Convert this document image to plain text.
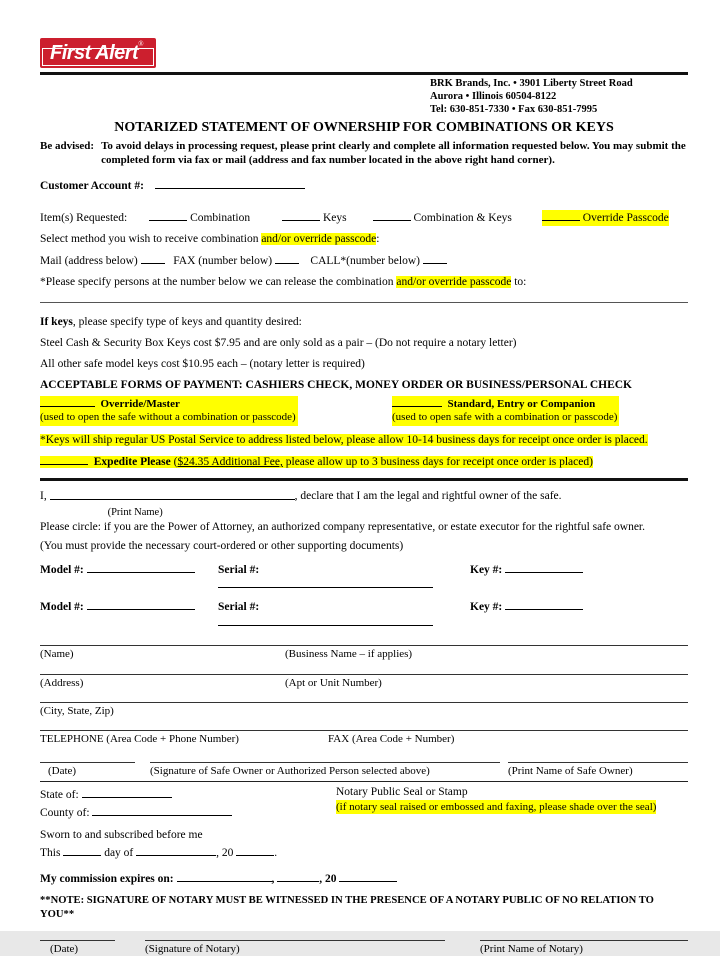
First Alert®
BRK Brands, Inc. • 3901 Liberty Street Road
Aurora • Illinois 60504-8122
Tel: 630-851-7330 • Fax 630-851-7995
NOTARIZED STATEMENT OF OWNERSHIP FOR COMBINATIONS OR KEYS
Be advised: To avoid delays in processing request, please print clearly and complete all information requested below. You may submit the completed form via fax or mail (address and fax number located in the above right hand corner).
Customer Account #:
Item(s) Requested:	Combination	Keys	Combination & Keys	Override Passcode
Select method you wish to receive combination and/or override passcode:
Mail (address below)	FAX (number below)	CALL*(number below)
*Please specify persons at the number below we can release the combination and/or override passcode to:
If keys, please specify type of keys and quantity desired:
Steel Cash & Security Box Keys cost $7.95 and are only sold as a pair – (Do not require a notary letter)
All other safe model keys cost $10.95 each – (notary letter is required)
ACCEPTABLE FORMS OF PAYMENT: CASHIERS CHECK, MONEY ORDER OR BUSINESS/PERSONAL CHECK
Override/Master
(used to open the safe without a combination or passcode)
Standard, Entry or Companion
(used to open safe with a combination or passcode)
*Keys will ship regular US Postal Service to address listed below, please allow 10-14 business days for receipt once order is placed.
Expedite Please ($24.35 Additional Fee, please allow up to 3 business days for receipt once order is placed)
I,
(Print Name)
, declare that I am the legal and rightful owner of the safe.
Please circle: if you are the Power of Attorney, an authorized company representative, or estate executor for the rightful safe owner.
(You must provide the necessary court-ordered or other supporting documents)
Model #:	Serial #:	Key #:
Model #:	Serial #:	Key #:
(Name)	(Business Name – if applies)
(Address)	(Apt or Unit Number)
(City, State, Zip)
TELEPHONE (Area Code + Phone Number)	FAX (Area Code + Number)
(Date)	(Signature of Safe Owner or Authorized Person selected above)	(Print Name of Safe Owner)
State of:
County of:
Notary Public Seal or Stamp
(if notary seal raised or embossed and faxing, please shade over the seal)
Sworn to and subscribed before me
This	day of	, 20	.
My commission expires on:	,	, 20
**NOTE: SIGNATURE OF NOTARY MUST BE WITNESSED IN THE PRESENCE OF A NOTARY PUBLIC OF NO RELATION TO YOU**
(Date)	(Signature of Notary)	(Print Name of Notary)
